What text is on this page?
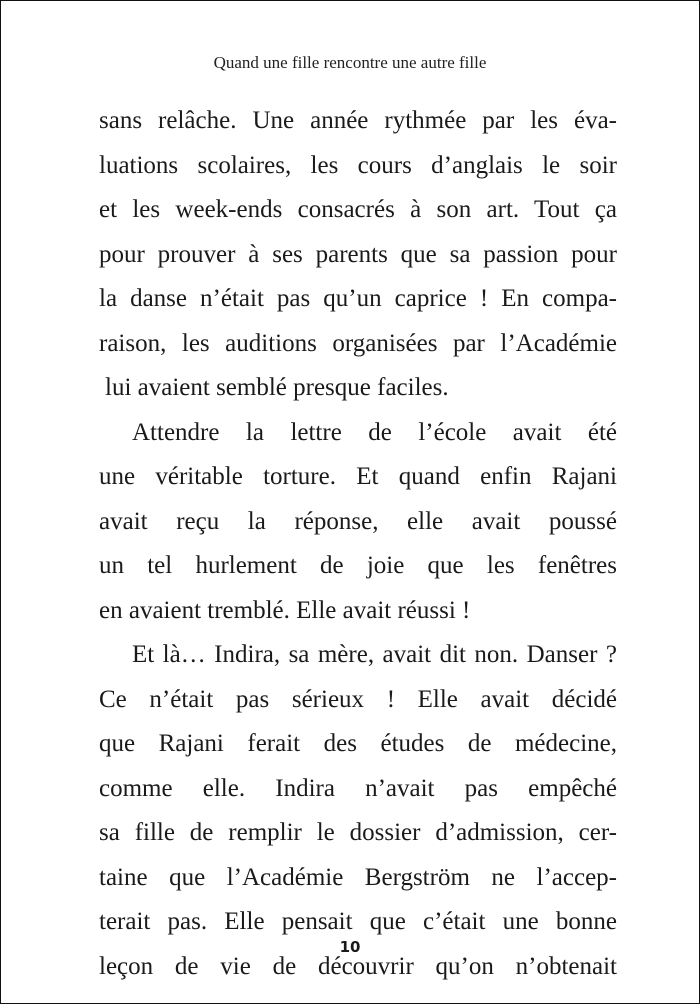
Quand une fille rencontre une autre fille
sans relâche. Une année rythmée par les éva-
luations scolaires, les cours d’anglais le soir
et les week-ends consacrés à son art. Tout ça
pour prouver à ses parents que sa passion pour
la danse n’était pas qu’un caprice ! En compa-
raison, les auditions organisées par l’Académie
lui avaient semblé presque faciles.
Attendre la lettre de l’école avait été
une véritable torture. Et quand enfin Rajani
avait reçu la réponse, elle avait poussé
un tel hurlement de joie que les fenêtres
en avaient tremblé. Elle avait réussi !
Et là… Indira, sa mère, avait dit non. Danser ?
Ce n’était pas sérieux ! Elle avait décidé
que Rajani ferait des études de médecine,
comme elle. Indira n’avait pas empêché
sa fille de remplir le dossier d’admission, cer-
taine que l’Académie Bergström ne l’accep-
terait pas. Elle pensait que c’était une bonne
leçon de vie de découvrir qu’on n’obtenait
10
